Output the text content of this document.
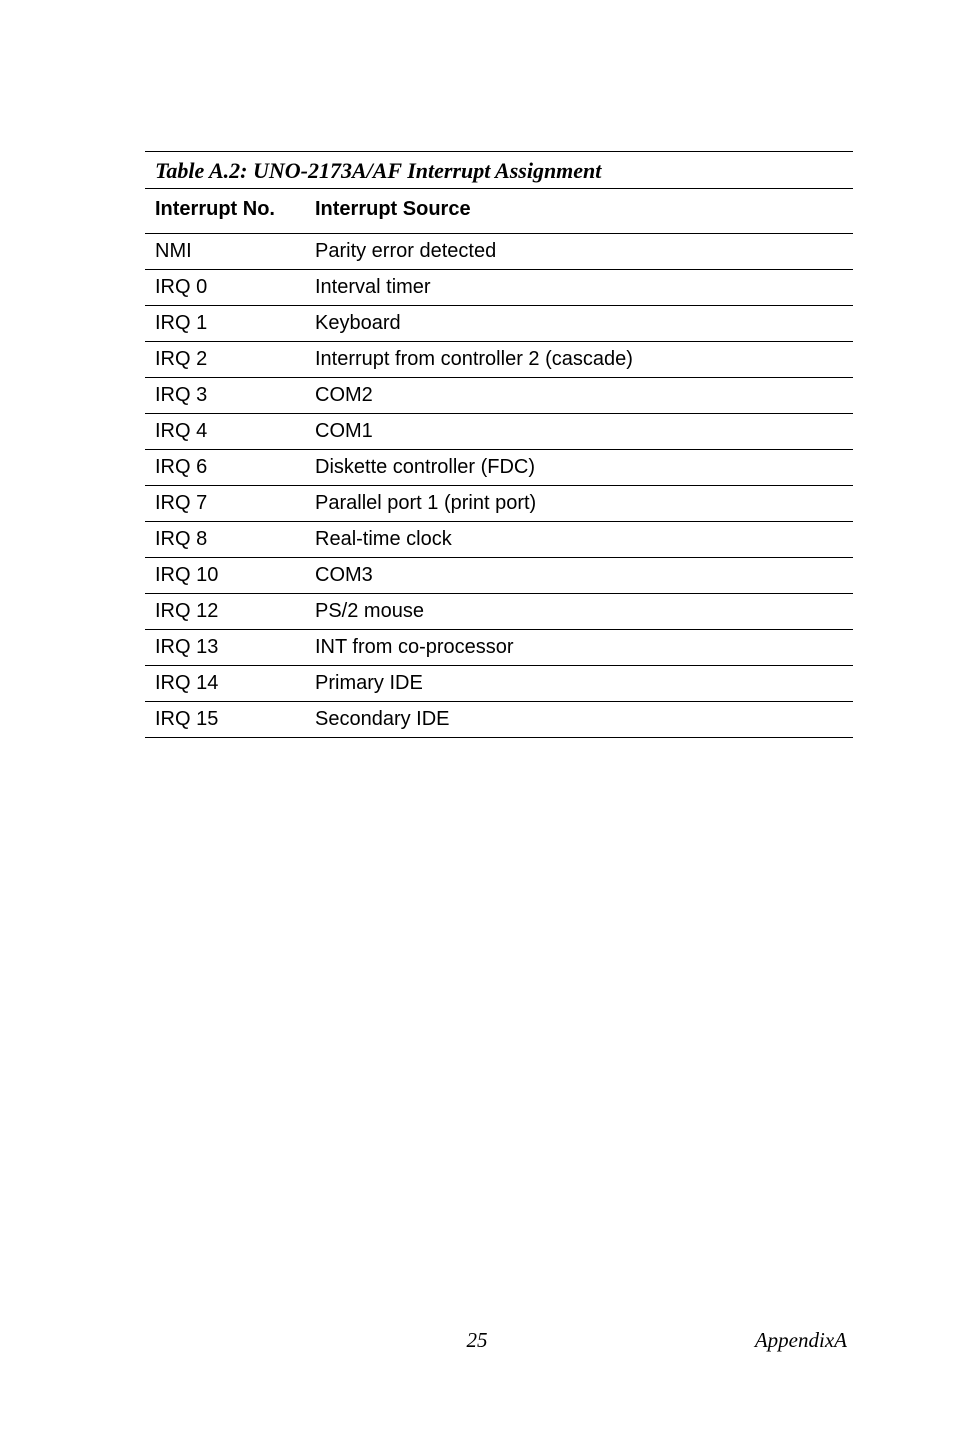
Table A.2: UNO-2173A/AF Interrupt Assignment
Interrupt No.	Interrupt Source
NMI	Parity error detected
IRQ 0	Interval timer
IRQ 1	Keyboard
IRQ 2	Interrupt from controller 2 (cascade)
IRQ 3	COM2
IRQ 4	COM1
IRQ 6	Diskette controller (FDC)
IRQ 7	Parallel port 1 (print port)
IRQ 8	Real-time clock
IRQ 10	COM3
IRQ 12	PS/2 mouse
IRQ 13	INT from co-processor
IRQ 14	Primary IDE
IRQ 15	Secondary IDE
25	AppendixA
